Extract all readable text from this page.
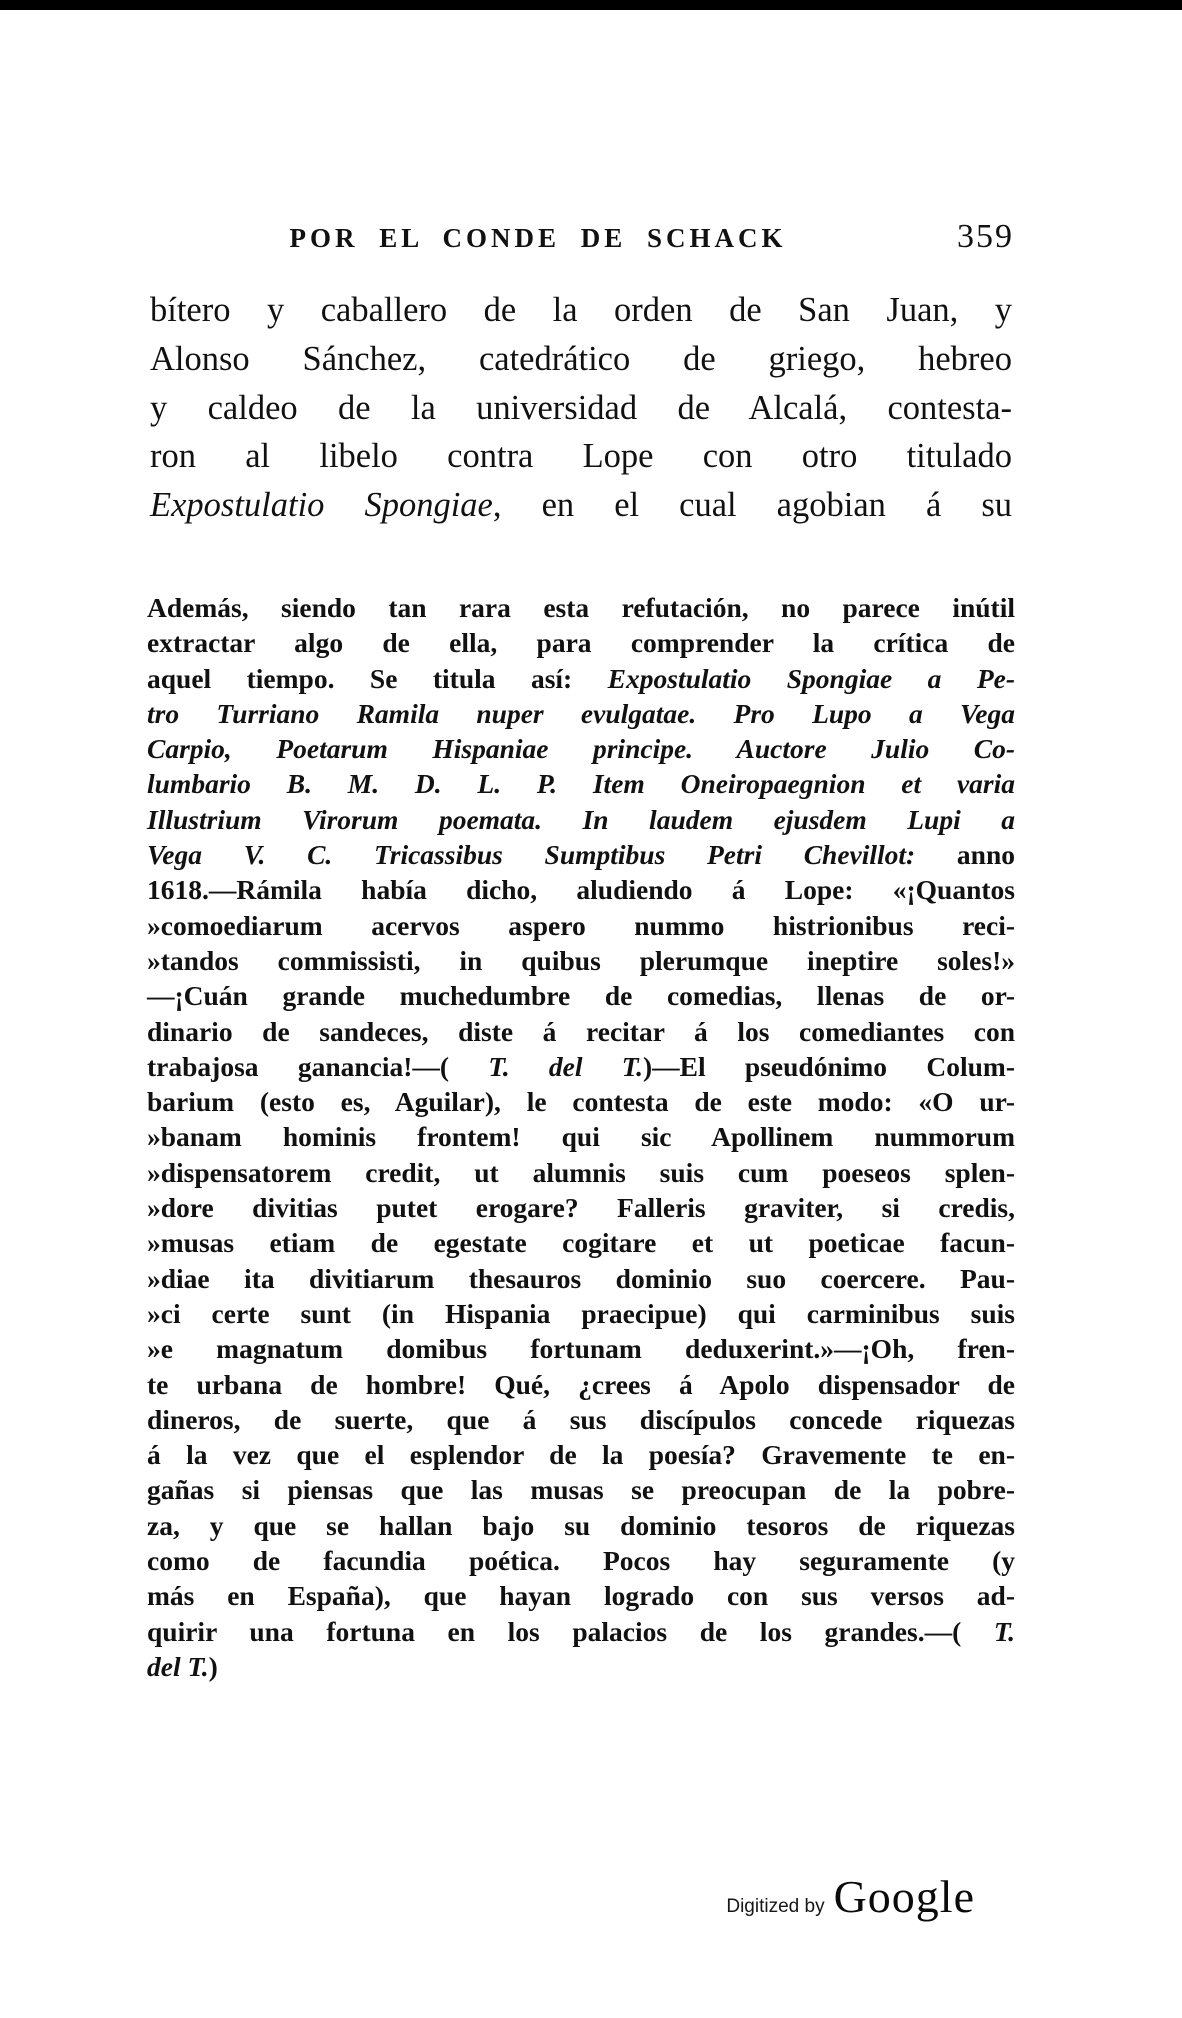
POR EL CONDE DE SCHACK	359
bítero y caballero de la orden de San Juan, y
Alonso Sánchez, catedrático de griego, hebreo
y caldeo de la universidad de Alcalá, contesta-
ron al libelo contra Lope con otro titulado
Expostulatio Spongiae, en el cual agobian á su
Además, siendo tan rara esta refutación, no parece inútil
extractar algo de ella, para comprender la crítica de
aquel tiempo. Se titula así: Expostulatio Spongiae a Pe-
tro Turriano Ramila nuper evulgatae. Pro Lupo a Vega
Carpio, Poetarum Hispaniae principe. Auctore Julio Co-
lumbario B. M. D. L. P. Item Oneiropaegnion et varia
Illustrium Virorum poemata. In laudem ejusdem Lupi a
Vega V. C. Tricassibus Sumptibus Petri Chevillot: anno
1618.—Rámila había dicho, aludiendo á Lope: «¡Quantos
»comoediarum acervos aspero nummo histrionibus reci-
»tandos commissisti, in quibus plerumque ineptire soles!»
—¡Cuán grande muchedumbre de comedias, llenas de or-
dinario de sandeces, diste á recitar á los comediantes con
trabajosa ganancia!—( T. del T.)—El pseudónimo Colum-
barium (esto es, Aguilar), le contesta de este modo: «O ur-
»banam hominis frontem! qui sic Apollinem nummorum
»dispensatorem credit, ut alumnis suis cum poeseos splen-
»dore divitias putet erogare? Falleris graviter, si credis,
»musas etiam de egestate cogitare et ut poeticae facun-
»diae ita divitiarum thesauros dominio suo coercere. Pau-
»ci certe sunt (in Hispania praecipue) qui carminibus suis
»e magnatum domibus fortunam deduxerint.»—¡Oh, fren-
te urbana de hombre! Qué, ¿crees á Apolo dispensador de
dineros, de suerte, que á sus discípulos concede riquezas
á la vez que el esplendor de la poesía? Gravemente te en-
gañas si piensas que las musas se preocupan de la pobre-
za, y que se hallan bajo su dominio tesoros de riquezas
como de facundia poética. Pocos hay seguramente (y
más en España), que hayan logrado con sus versos ad-
quirir una fortuna en los palacios de los grandes.—( T.
del T.)
Digitized by Google
